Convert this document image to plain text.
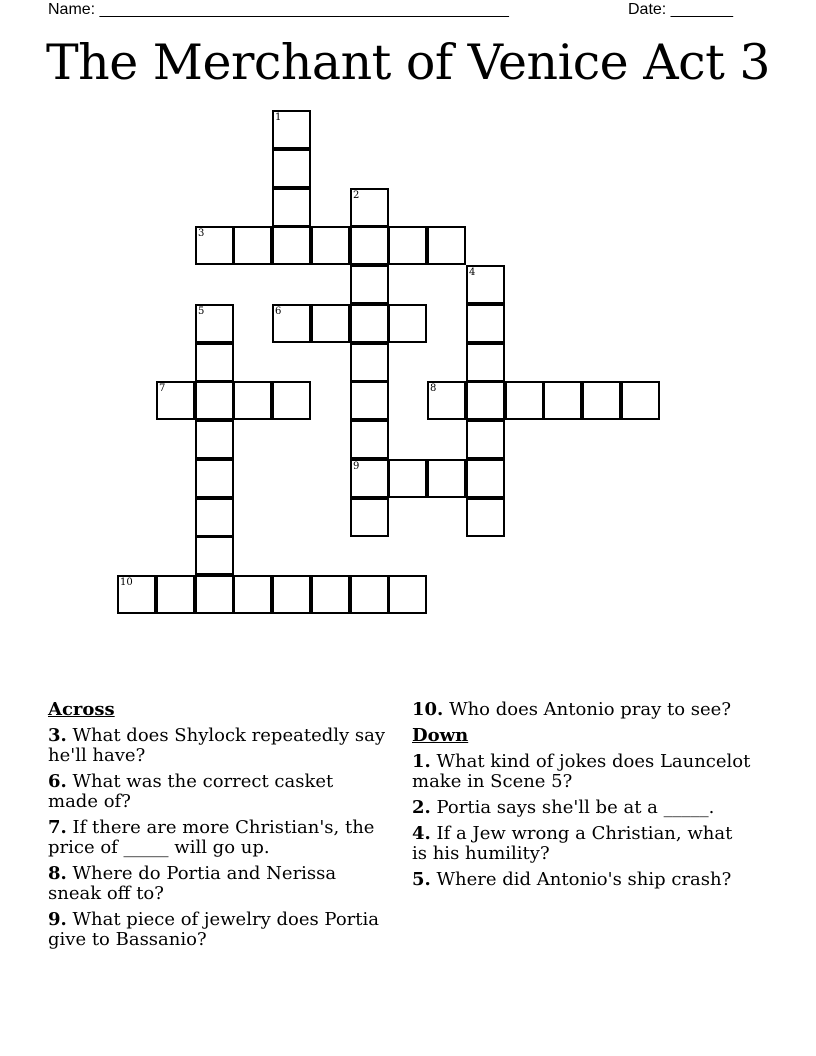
Name: ______________________________________________	Date: _______
The Merchant of Venice Act 3
1
2
9
3
4
5	6
7	8
10
Across
3. What does Shylock repeatedly say he'll have?
6. What was the correct casket made of?
7. If there are more Christian's, the price of _____ will go up.
8. Where do Portia and Nerissa sneak off to?
9. What piece of jewelry does Portia give to Bassanio?
10. Who does Antonio pray to see?
Down
1. What kind of jokes does Launcelot make in Scene 5?
2. Portia says she'll be at a _____.
4. If a Jew wrong a Christian, what is his humility?
5. Where did Antonio's ship crash?
